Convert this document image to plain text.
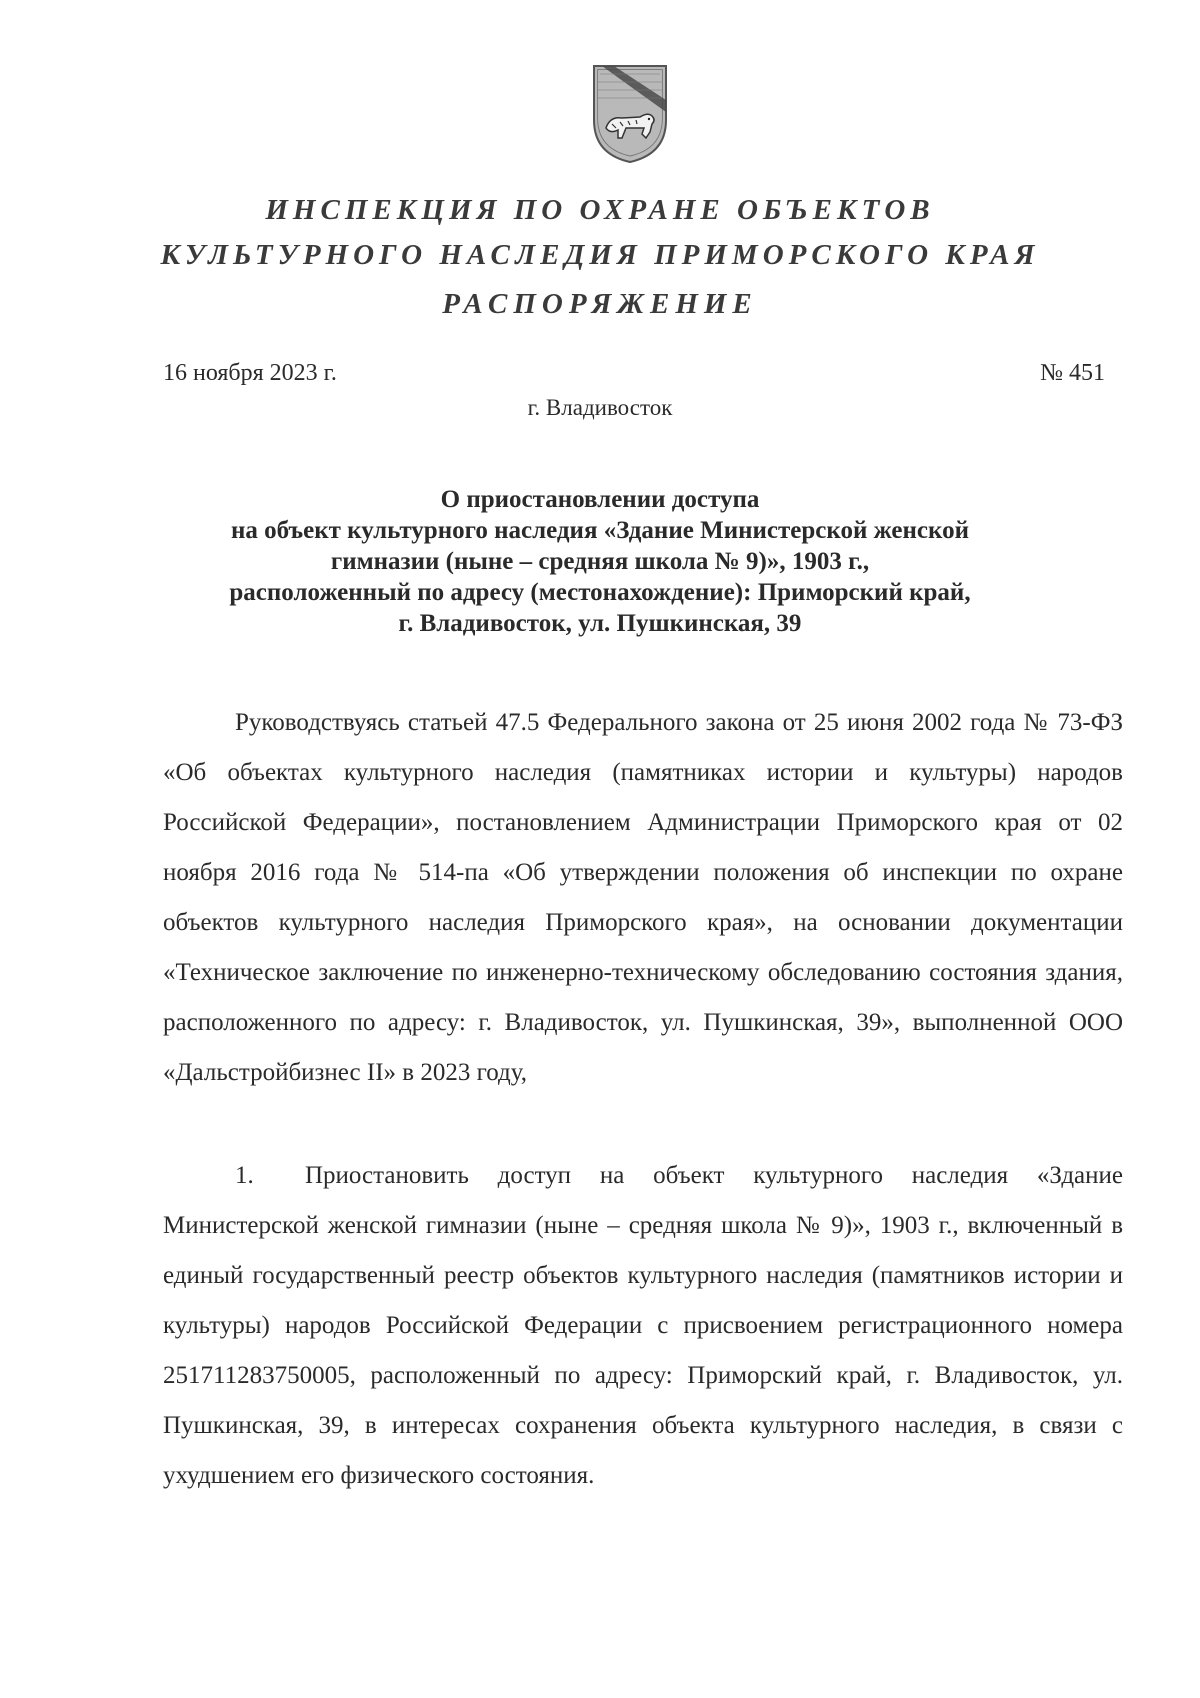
ИНСПЕКЦИЯ ПО ОХРАНЕ ОБЪЕКТОВ
КУЛЬТУРНОГО НАСЛЕДИЯ ПРИМОРСКОГО КРАЯ
РАСПОРЯЖЕНИЕ
16 ноября 2023 г.	№ 451
г. Владивосток
О приостановлении доступа
на объект культурного наследия «Здание Министерской женской
гимназии (ныне – средняя школа № 9)», 1903 г.,
расположенный по адресу (местонахождение): Приморский край,
г. Владивосток, ул. Пушкинская, 39
Руководствуясь статьей 47.5 Федерального закона от 25 июня 2002 года № 73-ФЗ «Об объектах культурного наследия (памятниках истории и культуры) народов Российской Федерации», постановлением Администрации Приморского края от 02 ноября 2016 года № 514-па «Об утверждении положения об инспекции по охране объектов культурного наследия Приморского края», на основании документации «Техническое заключение по инженерно-техническому обследованию состояния здания, расположенного по адресу: г. Владивосток, ул. Пушкинская, 39», выполненной ООО «Дальстройбизнес II» в 2023 году,
1. Приостановить доступ на объект культурного наследия «Здание Министерской женской гимназии (ныне – средняя школа № 9)», 1903 г., включенный в единый государственный реестр объектов культурного наследия (памятников истории и культуры) народов Российской Федерации с присвоением регистрационного номера 251711283750005, расположенный по адресу: Приморский край, г. Владивосток, ул. Пушкинская, 39, в интересах сохранения объекта культурного наследия, в связи с ухудшением его физического состояния.
